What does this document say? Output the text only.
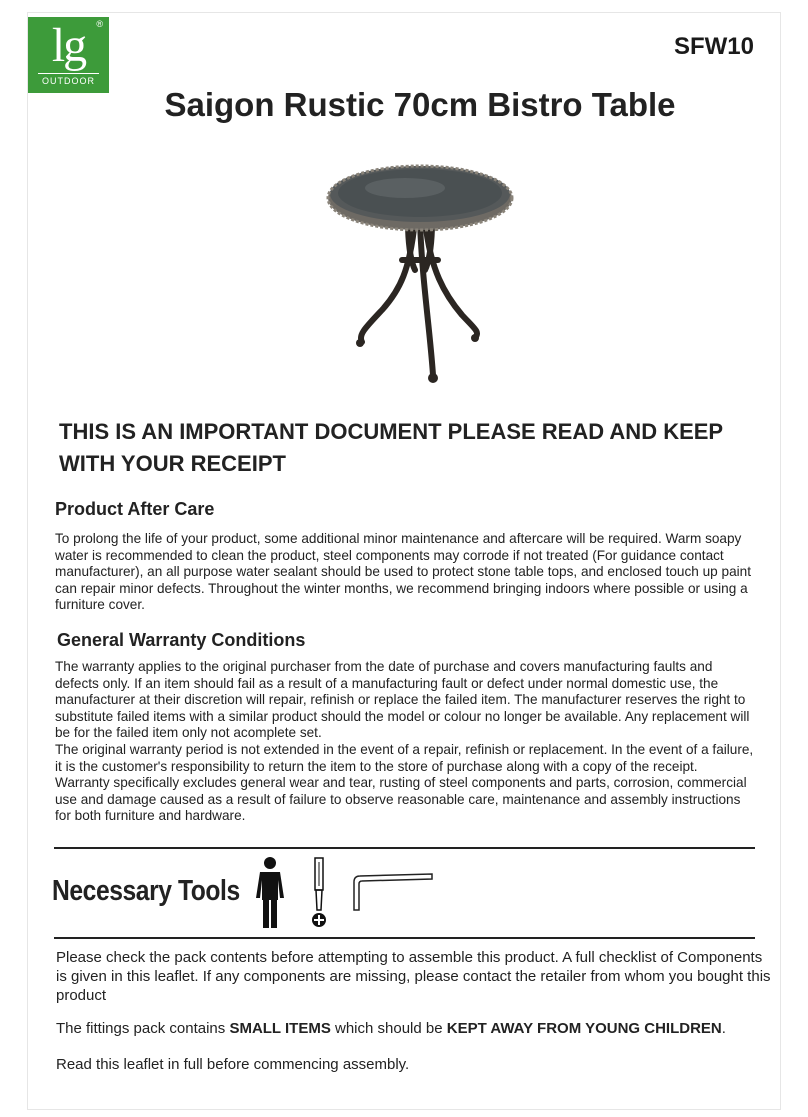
®
lg
OUTDOOR
SFW10
Saigon Rustic 70cm Bistro Table
THIS IS AN IMPORTANT DOCUMENT PLEASE READ AND KEEP WITH YOUR RECEIPT
Product After Care

To prolong the life of your product, some additional minor maintenance and aftercare will be required. Warm soapy water is recommended to clean the product, steel components may corrode if not treated (For guidance contact manufacturer), an all purpose water sealant should be used to protect stone table tops, and enclosed touch up paint can repair minor defects. Throughout the winter months, we recommend bringing indoors where possible or using a furniture cover.

General Warranty Conditions
The warranty applies to the original purchaser from the date of purchase and covers manufacturing faults and defects only. If an item should fail as a result of a manufacturing fault or defect under normal domestic use, the manufacturer at their discretion will repair, refinish or replace the failed item. The manufacturer reserves the right to substitute failed items with a similar product should the model or colour no longer be available. Any replacement will be for the failed item only not acomplete set.
The original warranty period is not extended in the event of a repair, refinish or replacement. In the event of a failure, it is the customer's responsibility to return the item to the store of purchase along with a copy of the receipt. Warranty specifically excludes general wear and tear, rusting of steel components and parts, corrosion, commercial use and damage caused as a result of failure to observe reasonable care, maintenance and assembly instructions for both furniture and hardware.
Necessary Tools

Please check the pack contents before attempting to assemble this product. A full checklist of Components is given in this leaflet. If any components are missing, please contact the retailer from whom you bought this product

The fittings pack contains SMALL ITEMS which should be KEPT AWAY FROM YOUNG CHILDREN.

Read this leaflet in full before commencing assembly.
